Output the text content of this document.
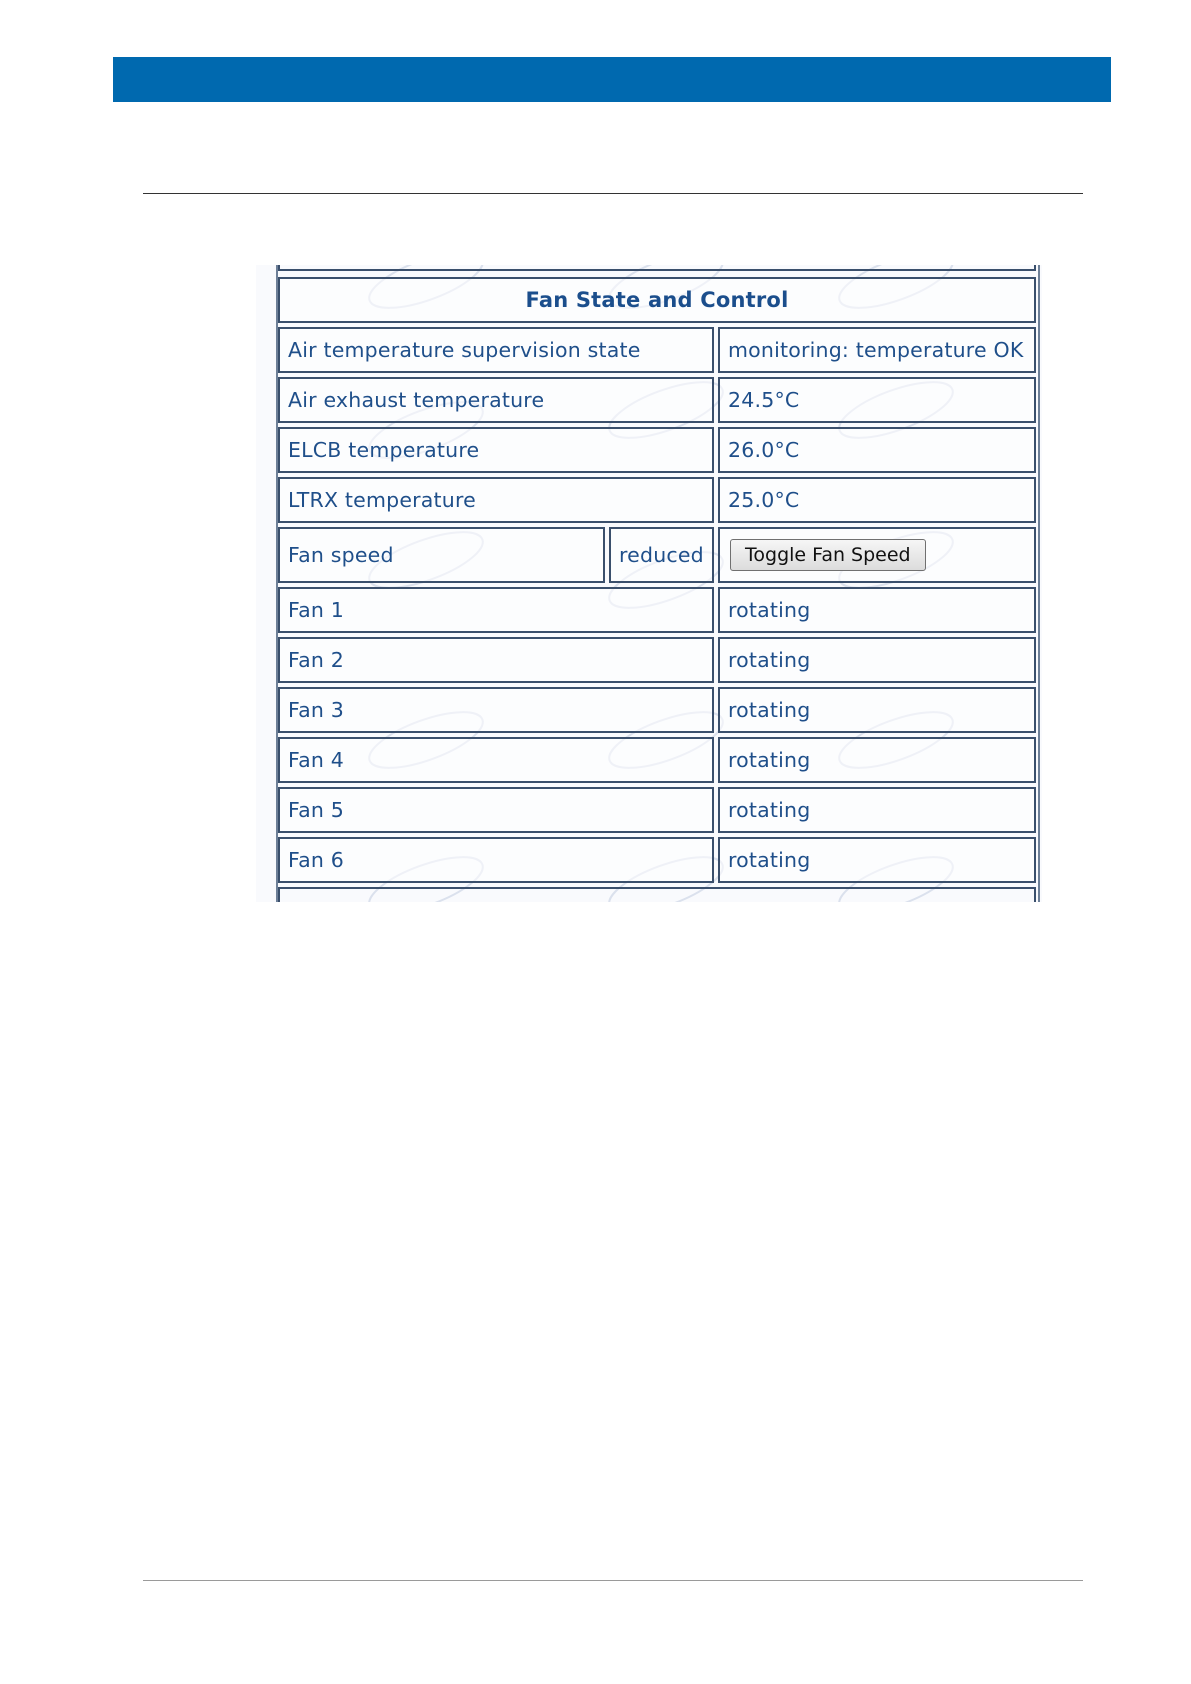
Fan State and Control
Air temperature supervision state	monitoring: temperature OK
Air exhaust temperature	24.5°C
ELCB temperature	26.0°C
LTRX temperature	25.0°C
Fan speed	reduced	Toggle Fan Speed
Fan 1	rotating
Fan 2	rotating
Fan 3	rotating
Fan 4	rotating
Fan 5	rotating
Fan 6	rotating
